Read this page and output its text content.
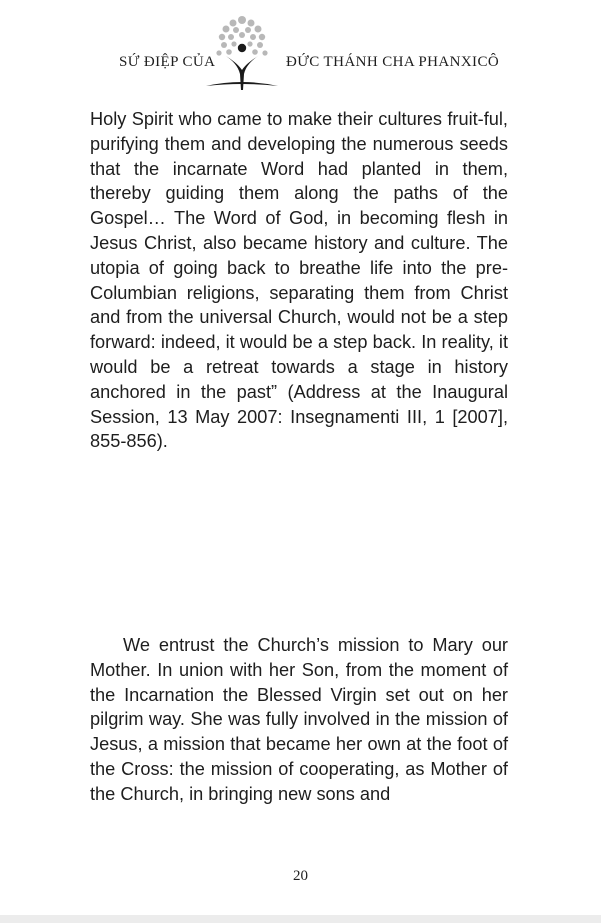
SỨ ĐIỆP CỦA	ĐỨC THÁNH CHA PHANXICÔ

Holy Spirit who came to make their cultures fruit-ful, purifying them and developing the numerous seeds that the incarnate Word had planted in them, thereby guiding them along the paths of the Gospel… The Word of God, in becoming flesh in Jesus Christ, also became history and culture. The utopia of going back to breathe life into the pre-Columbian religions, separating them from Christ and from the universal Church, would not be a step forward: indeed, it would be a step back. In reality, it would be a retreat towards a stage in history anchored in the past” (Address at the Inaugural Session, 13 May 2007: Insegnamenti III, 1 [2007], 855-856).

We entrust the Church’s mission to Mary our Mother. In union with her Son, from the moment of the Incarnation the Blessed Virgin set out on her pilgrim way. She was fully involved in the mission of Jesus, a mission that became her own at the foot of the Cross: the mission of cooperating, as Mother of the Church, in bringing new sons and

20
